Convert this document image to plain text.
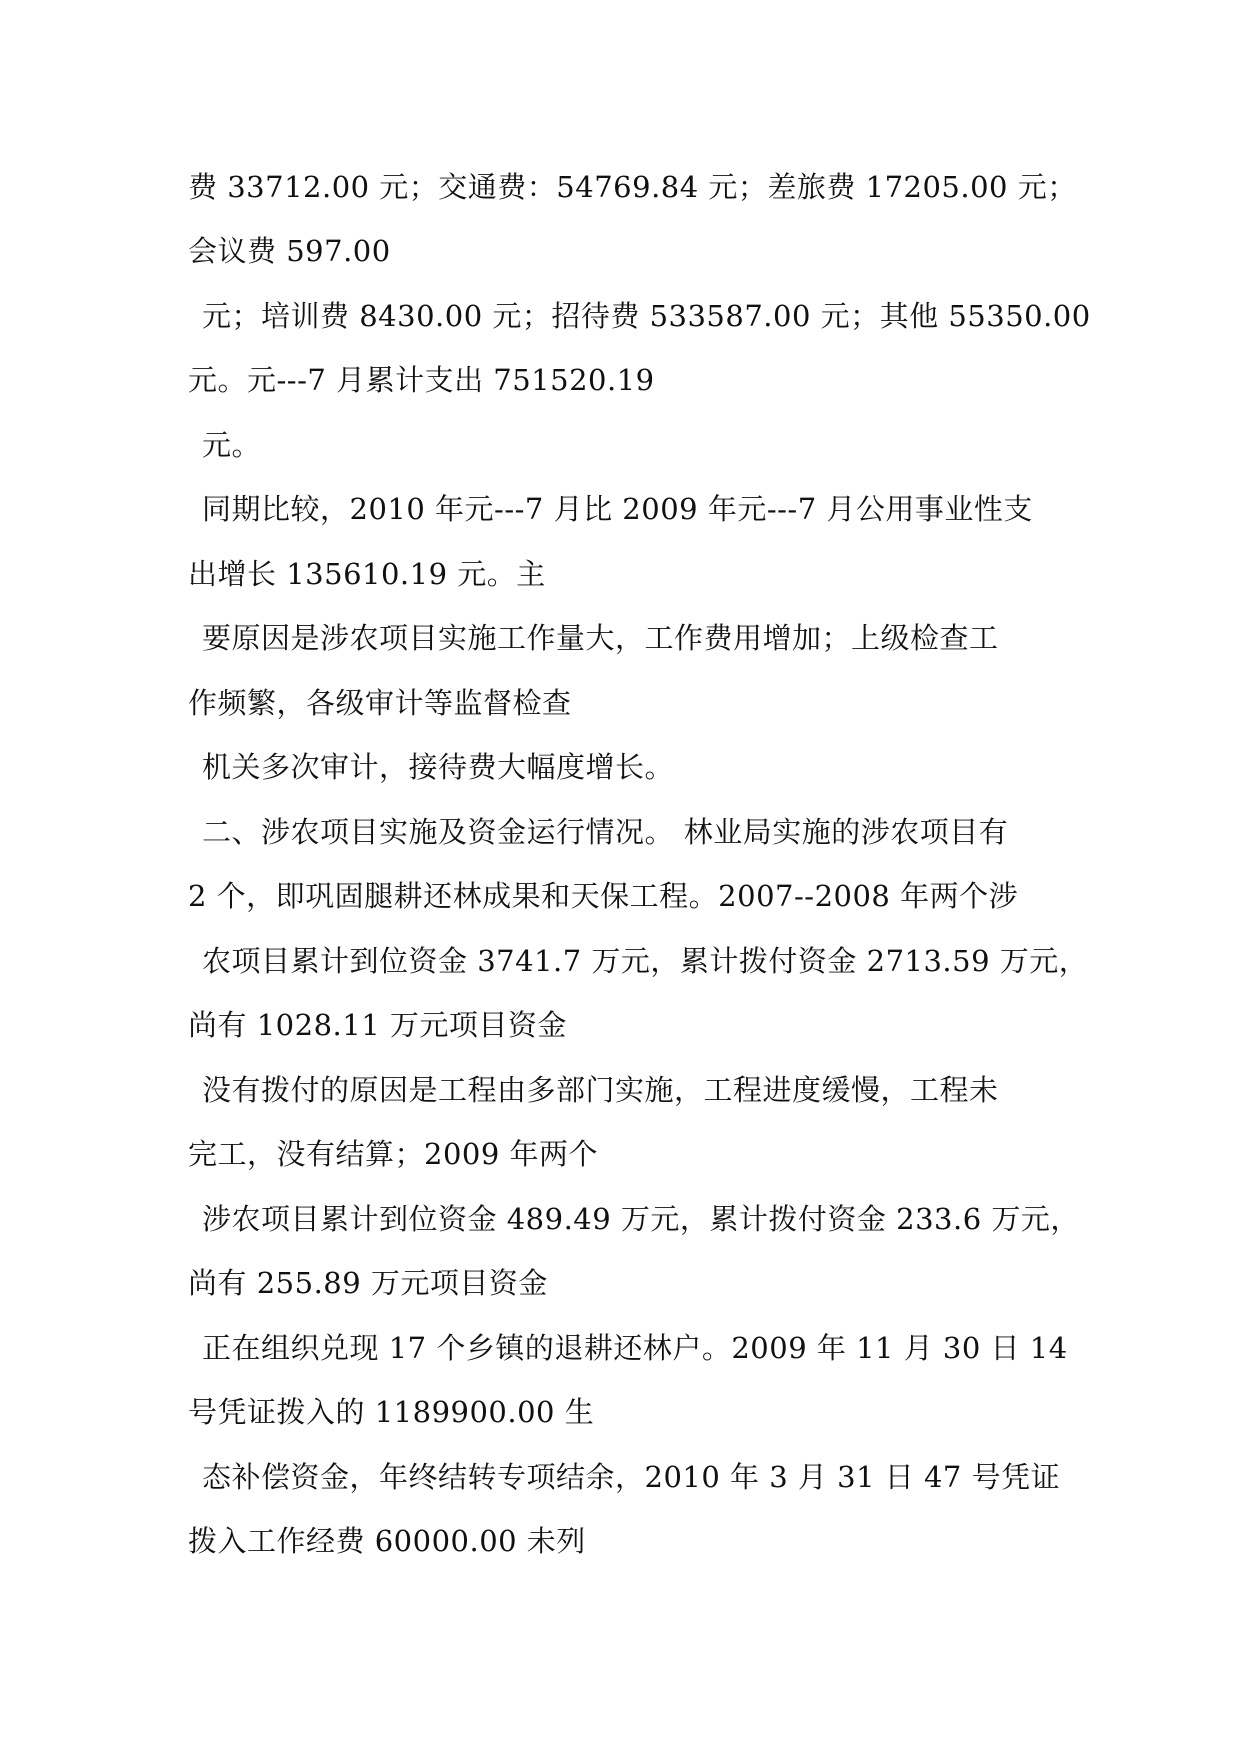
费 33712.00 元；交通费：54769.84 元；差旅费 17205.00 元；
会议费 597.00
元；培训费 8430.00 元；招待费 533587.00 元；其他 55350.00
元。元---7 月累计支出 751520.19
元。
同期比较，2010 年元---7 月比 2009 年元---7 月公用事业性支
出增长 135610.19 元。主
要原因是涉农项目实施工作量大，工作费用增加；上级检查工
作频繁，各级审计等监督检查
机关多次审计，接待费大幅度增长。
二、涉农项目实施及资金运行情况。 林业局实施的涉农项目有
2 个，即巩固腿耕还林成果和天保工程。2007--2008 年两个涉
农项目累计到位资金 3741.7 万元，累计拨付资金 2713.59 万元，
尚有 1028.11 万元项目资金
没有拨付的原因是工程由多部门实施，工程进度缓慢，工程未
完工，没有结算；2009 年两个
涉农项目累计到位资金 489.49 万元，累计拨付资金 233.6 万元，
尚有 255.89 万元项目资金
正在组织兑现 17 个乡镇的退耕还林户。2009 年 11 月 30 日 14
号凭证拨入的 1189900.00 生
态补偿资金，年终结转专项结余，2010 年 3 月 31 日 47 号凭证
拨入工作经费 60000.00 未列
